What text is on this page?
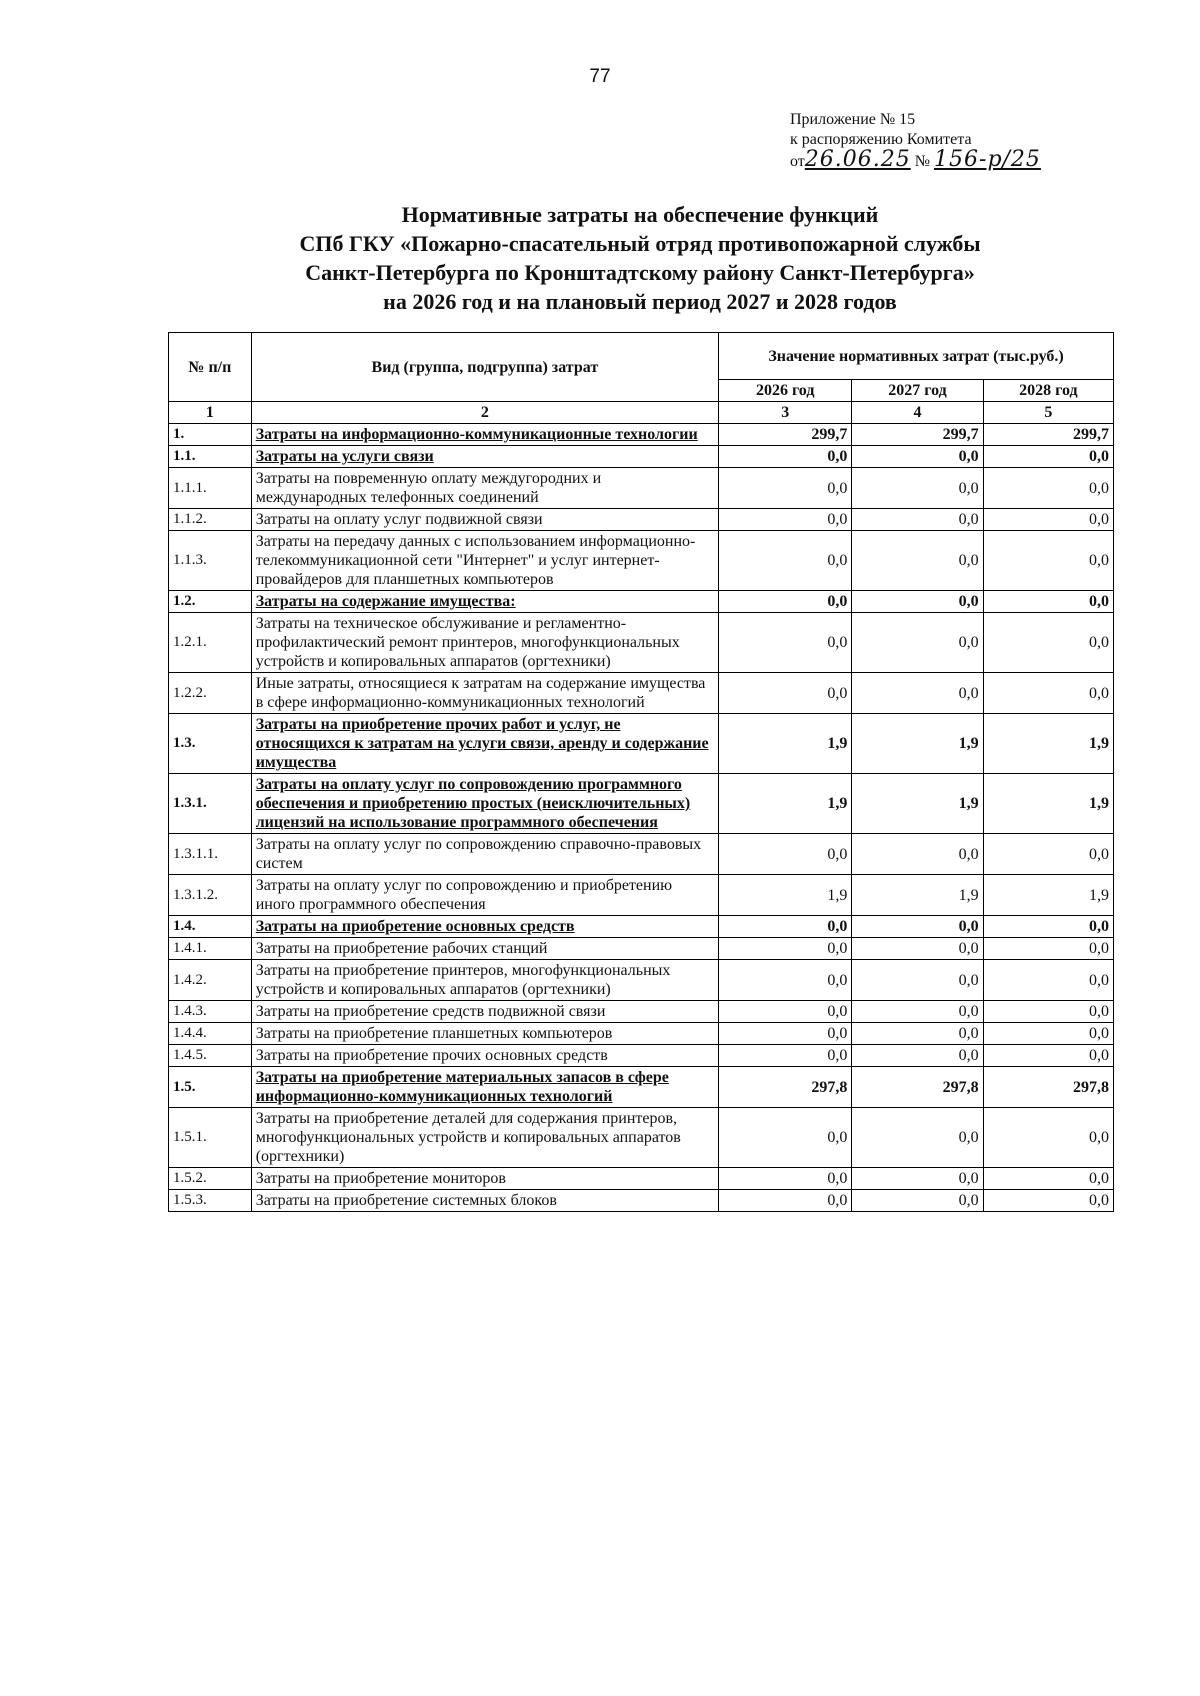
77
Приложение № 15
к распоряжению Комитета
от26.06.25 № 156-р/25
Нормативные затраты на обеспечение функций
СПб ГКУ «Пожарно-спасательный отряд противопожарной службы
Санкт-Петербурга по Кронштадтскому району Санкт-Петербурга»
на 2026 год и на плановый период 2027 и 2028 годов
№ п/п	Вид (группа, подгруппа) затрат	Значение нормативных затрат (тыс.руб.)		
		2026 год	2027 год	2028 год
1	2	3	4	5
1.	Затраты на информационно-коммуникационные технологии	299,7	299,7	299,7
1.1.	Затраты на услуги связи	0,0	0,0	0,0
1.1.1.	Затраты на повременную оплату междугородних и международных телефонных соединений	0,0	0,0	0,0
1.1.2.	Затраты на оплату услуг подвижной связи	0,0	0,0	0,0
1.1.3.	Затраты на передачу данных с использованием информационно-телекоммуникационной сети "Интернет" и услуг интернет-провайдеров для планшетных компьютеров	0,0	0,0	0,0
1.2.	Затраты на содержание имущества:	0,0	0,0	0,0
1.2.1.	Затраты на техническое обслуживание и регламентно-профилактический ремонт принтеров, многофункциональных устройств и копировальных аппаратов (оргтехники)	0,0	0,0	0,0
1.2.2.	Иные затраты, относящиеся к затратам на содержание имущества в сфере информационно-коммуникационных технологий	0,0	0,0	0,0
1.3.	Затраты на приобретение прочих работ и услуг, не относящихся к затратам на услуги связи, аренду и содержание имущества	1,9	1,9	1,9
1.3.1.	Затраты на оплату услуг по сопровождению программного обеспечения и приобретению простых (неисключительных) лицензий на использование программного обеспечения	1,9	1,9	1,9
1.3.1.1.	Затраты на оплату услуг по сопровождению справочно-правовых систем	0,0	0,0	0,0
1.3.1.2.	Затраты на оплату услуг по сопровождению и приобретению иного программного обеспечения	1,9	1,9	1,9
1.4.	Затраты на приобретение основных средств	0,0	0,0	0,0
1.4.1.	Затраты на приобретение рабочих станций	0,0	0,0	0,0
1.4.2.	Затраты на приобретение принтеров, многофункциональных устройств и копировальных аппаратов (оргтехники)	0,0	0,0	0,0
1.4.3.	Затраты на приобретение средств подвижной связи	0,0	0,0	0,0
1.4.4.	Затраты на приобретение планшетных компьютеров	0,0	0,0	0,0
1.4.5.	Затраты на приобретение прочих основных средств	0,0	0,0	0,0
1.5.	Затраты на приобретение материальных запасов в сфере информационно-коммуникационных технологий	297,8	297,8	297,8
1.5.1.	Затраты на приобретение деталей для содержания принтеров, многофункциональных устройств и копировальных аппаратов (оргтехники)	0,0	0,0	0,0
1.5.2.	Затраты на приобретение мониторов	0,0	0,0	0,0
1.5.3.	Затраты на приобретение системных блоков	0,0	0,0	0,0
